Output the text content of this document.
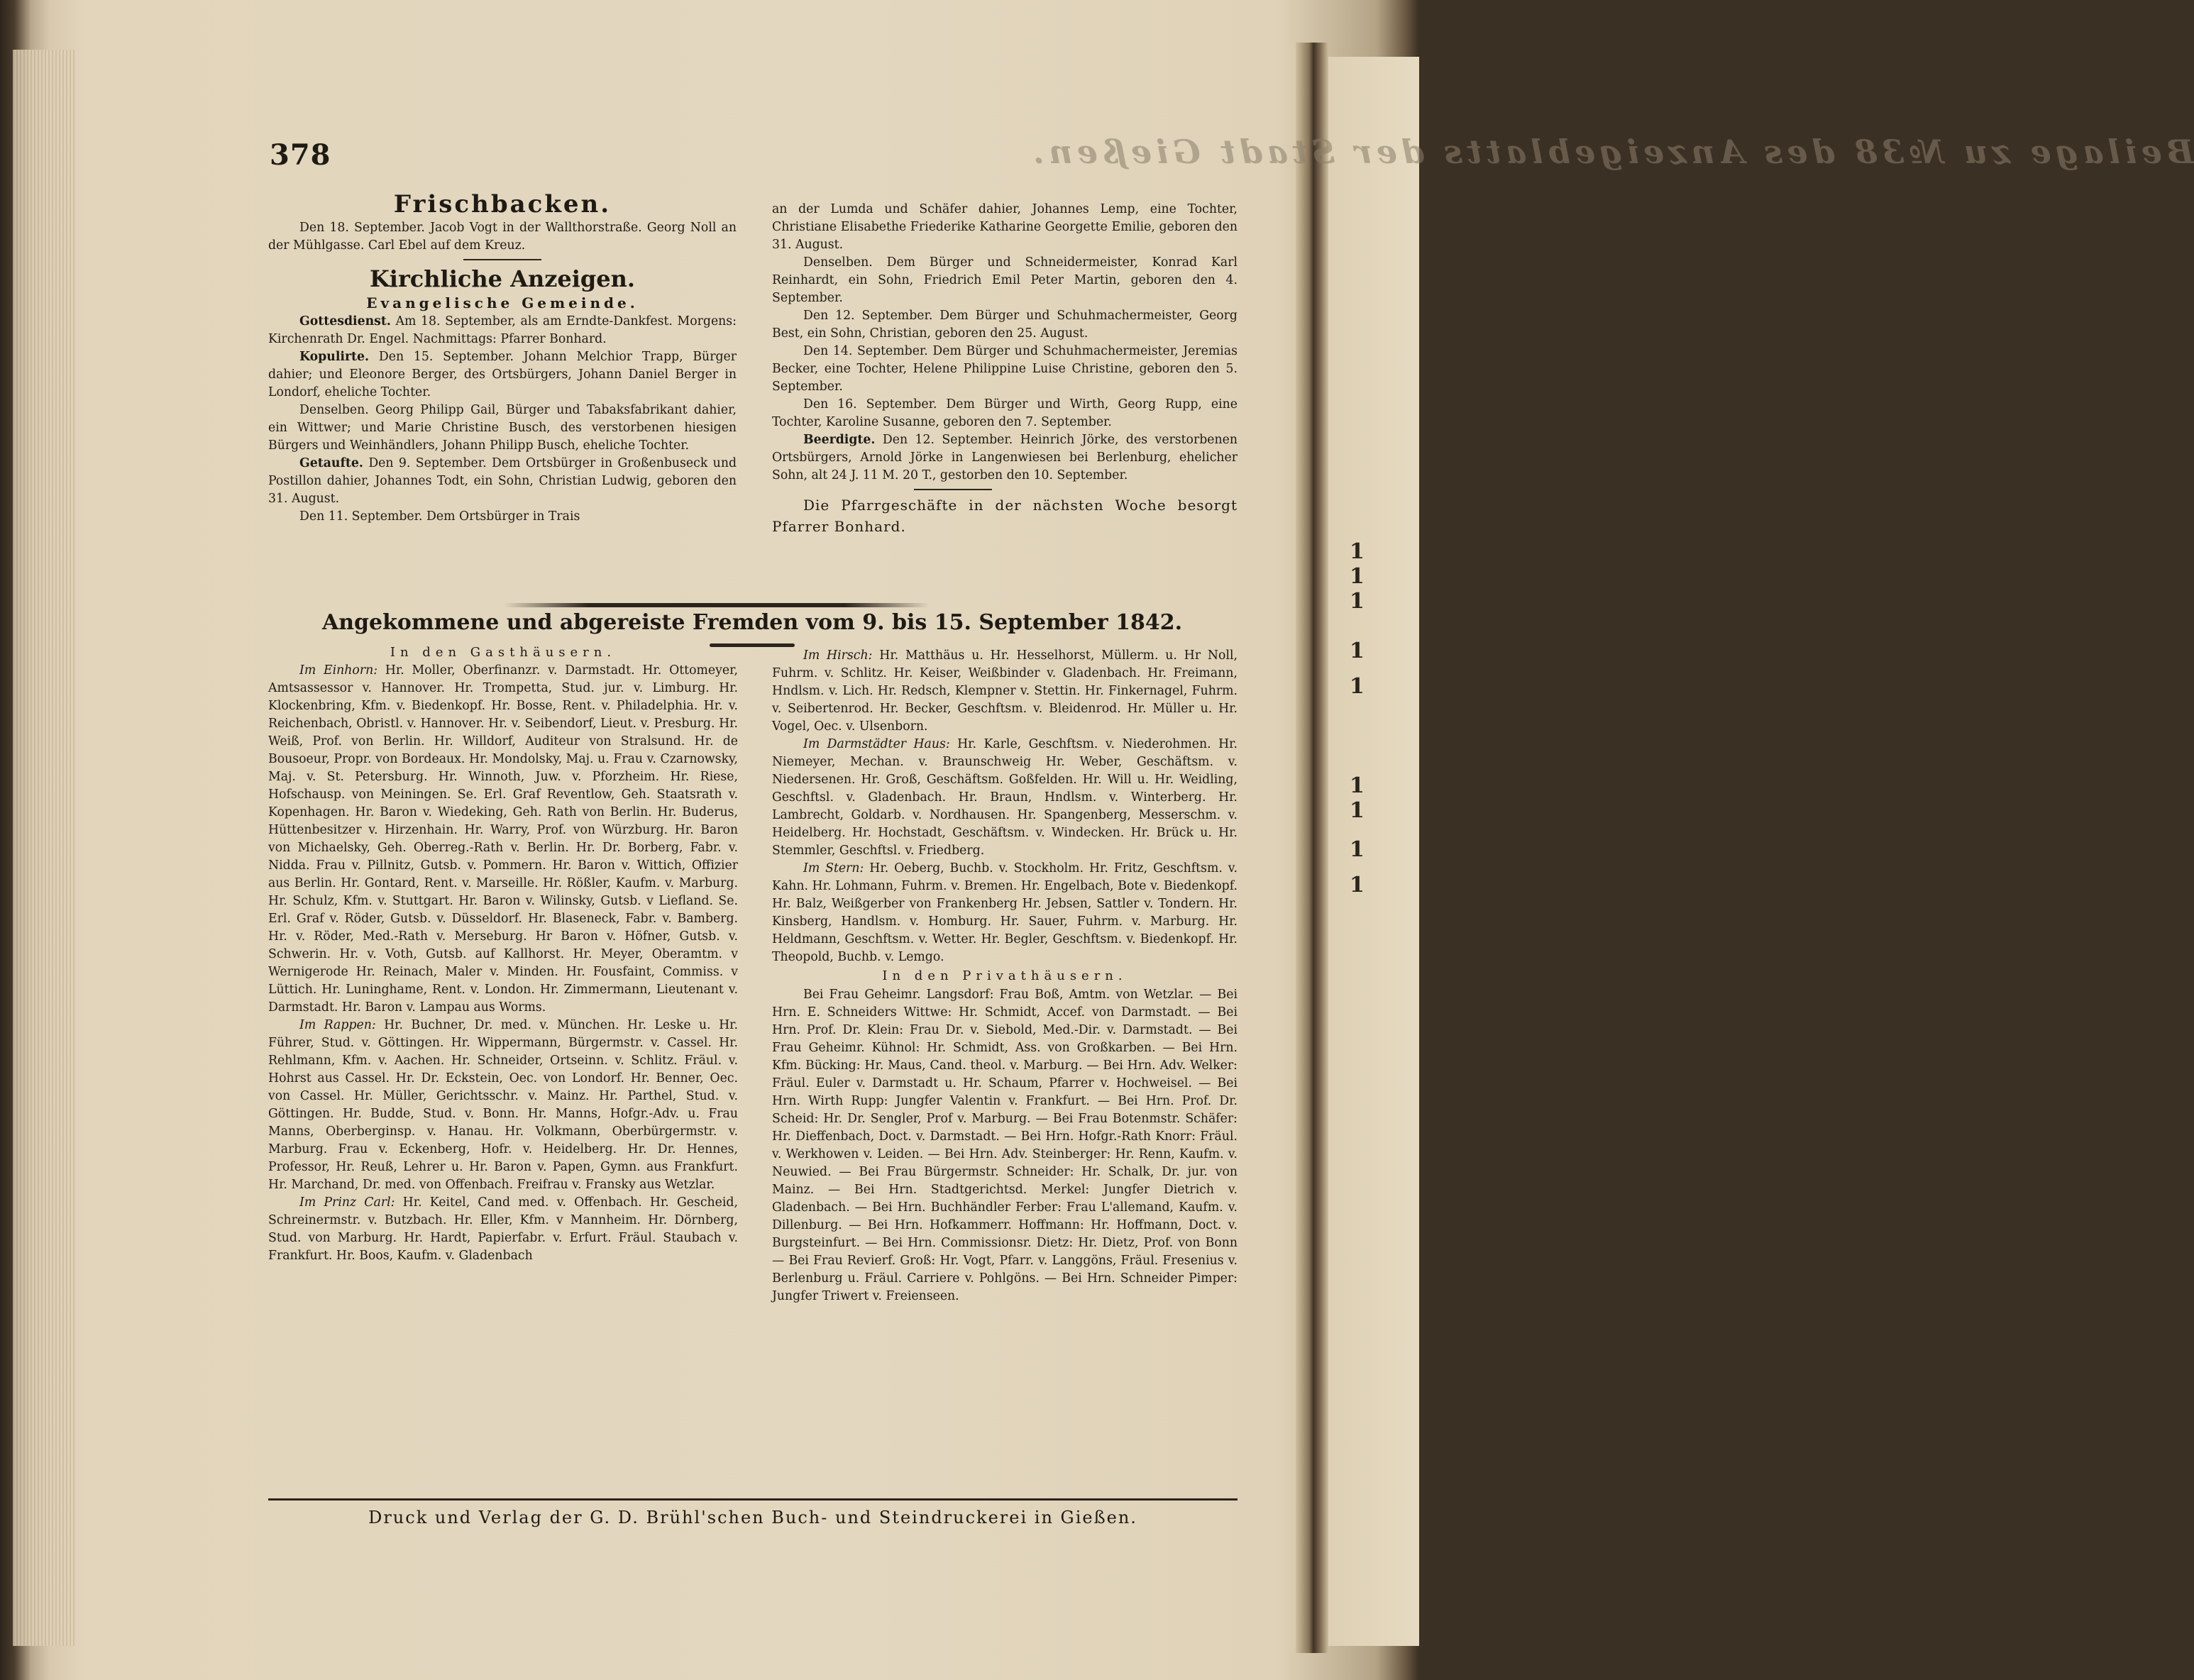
1
1
1
1
1
1
1
1
1
378	Beilage zu №38 des Anzeigeblatts der Stadt Gießen.

Frischbacken.

Den 18. September. Jacob Vogt in der Wallthorstraße. Georg Noll an der Mühlgasse. Carl Ebel auf dem Kreuz.

Kirchliche Anzeigen.

Evangelische Gemeinde.

Gottesdienst. Am 18. September, als am Erndte-Dankfest. Morgens: Kirchenrath Dr. Engel. Nachmittags: Pfarrer Bonhard.

Kopulirte. Den 15. September. Johann Melchior Trapp, Bürger dahier; und Eleonore Berger, des Ortsbürgers, Johann Daniel Berger in Londorf, eheliche Tochter.

Denselben. Georg Philipp Gail, Bürger und Tabaksfabrikant dahier, ein Wittwer; und Marie Christine Busch, des verstorbenen hiesigen Bürgers und Weinhändlers, Johann Philipp Busch, eheliche Tochter.

Getaufte. Den 9. September. Dem Ortsbürger in Großenbuseck und Postillon dahier, Johannes Todt, ein Sohn, Christian Ludwig, geboren den 31. August.

Den 11. September. Dem Ortsbürger in Trais

an der Lumda und Schäfer dahier, Johannes Lemp, eine Tochter, Christiane Elisabethe Friederike Katharine Georgette Emilie, geboren den 31. August.

Denselben. Dem Bürger und Schneidermeister, Konrad Karl Reinhardt, ein Sohn, Friedrich Emil Peter Martin, geboren den 4. September.

Den 12. September. Dem Bürger und Schuhmachermeister, Georg Best, ein Sohn, Christian, geboren den 25. August.

Den 14. September. Dem Bürger und Schuhmachermeister, Jeremias Becker, eine Tochter, Helene Philippine Luise Christine, geboren den 5. September.

Den 16. September. Dem Bürger und Wirth, Georg Rupp, eine Tochter, Karoline Susanne, geboren den 7. September.

Beerdigte. Den 12. September. Heinrich Jörke, des verstorbenen Ortsbürgers, Arnold Jörke in Langenwiesen bei Berlenburg, ehelicher Sohn, alt 24 J. 11 M. 20 T., gestorben den 10. September.

Die Pfarrgeschäfte in der nächsten Woche besorgt Pfarrer Bonhard.

Angekommene und abgereiste Fremden vom 9. bis 15. September 1842.

In den Gasthäusern.

Im Einhorn: Hr. Moller, Oberfinanzr. v. Darmstadt. Hr. Ottomeyer, Amtsassessor v. Hannover. Hr. Trompetta, Stud. jur. v. Limburg. Hr. Klockenbring, Kfm. v. Biedenkopf. Hr. Bosse, Rent. v. Philadelphia. Hr. v. Reichenbach, Obristl. v. Hannover. Hr. v. Seibendorf, Lieut. v. Presburg. Hr. Weiß, Prof. von Berlin. Hr. Willdorf, Auditeur von Stralsund. Hr. de Bousoeur, Propr. von Bordeaux. Hr. Mondolsky, Maj. u. Frau v. Czarnowsky, Maj. v. St. Petersburg. Hr. Winnoth, Juw. v. Pforzheim. Hr. Riese, Hofschausp. von Meiningen. Se. Erl. Graf Reventlow, Geh. Staatsrath v. Kopenhagen. Hr. Baron v. Wiedeking, Geh. Rath von Berlin. Hr. Buderus, Hüttenbesitzer v. Hirzenhain. Hr. Warry, Prof. von Würzburg. Hr. Baron von Michaelsky, Geh. Oberreg.-Rath v. Berlin. Hr. Dr. Borberg, Fabr. v. Nidda. Frau v. Pillnitz, Gutsb. v. Pommern. Hr. Baron v. Wittich, Offizier aus Berlin. Hr. Gontard, Rent. v. Marseille. Hr. Rößler, Kaufm. v. Marburg. Hr. Schulz, Kfm. v. Stuttgart. Hr. Baron v. Wilinsky, Gutsb. v Liefland. Se. Erl. Graf v. Röder, Gutsb. v. Düsseldorf. Hr. Blaseneck, Fabr. v. Bamberg. Hr. v. Röder, Med.-Rath v. Merseburg. Hr Baron v. Höfner, Gutsb. v. Schwerin. Hr. v. Voth, Gutsb. auf Kallhorst. Hr. Meyer, Oberamtm. v Wernigerode Hr. Reinach, Maler v. Minden. Hr. Fousfaint, Commiss. v Lüttich. Hr. Luninghame, Rent. v. London. Hr. Zimmermann, Lieutenant v. Darmstadt. Hr. Baron v. Lampau aus Worms.

Im Rappen: Hr. Buchner, Dr. med. v. München. Hr. Leske u. Hr. Führer, Stud. v. Göttingen. Hr. Wippermann, Bürgermstr. v. Cassel. Hr. Rehlmann, Kfm. v. Aachen. Hr. Schneider, Ortseinn. v. Schlitz. Fräul. v. Hohrst aus Cassel. Hr. Dr. Eckstein, Oec. von Londorf. Hr. Benner, Oec. von Cassel. Hr. Müller, Gerichtsschr. v. Mainz. Hr. Parthel, Stud. v. Göttingen. Hr. Budde, Stud. v. Bonn. Hr. Manns, Hofgr.-Adv. u. Frau Manns, Oberberginsp. v. Hanau. Hr. Volkmann, Oberbürgermstr. v. Marburg. Frau v. Eckenberg, Hofr. v. Heidelberg. Hr. Dr. Hennes, Professor, Hr. Reuß, Lehrer u. Hr. Baron v. Papen, Gymn. aus Frankfurt. Hr. Marchand, Dr. med. von Offenbach. Freifrau v. Fransky aus Wetzlar.

Im Prinz Carl: Hr. Keitel, Cand med. v. Offenbach. Hr. Gescheid, Schreinermstr. v. Butzbach. Hr. Eller, Kfm. v Mannheim. Hr. Dörnberg, Stud. von Marburg. Hr. Hardt, Papierfabr. v. Erfurt. Fräul. Staubach v. Frankfurt. Hr. Boos, Kaufm. v. Gladenbach

Im Hirsch: Hr. Matthäus u. Hr. Hesselhorst, Müllerm. u. Hr Noll, Fuhrm. v. Schlitz. Hr. Keiser, Weißbinder v. Gladenbach. Hr. Freimann, Hndlsm. v. Lich. Hr. Redsch, Klempner v. Stettin. Hr. Finkernagel, Fuhrm. v. Seibertenrod. Hr. Becker, Geschftsm. v. Bleidenrod. Hr. Müller u. Hr. Vogel, Oec. v. Ulsenborn.

Im Darmstädter Haus: Hr. Karle, Geschftsm. v. Niederohmen. Hr. Niemeyer, Mechan. v. Braunschweig Hr. Weber, Geschäftsm. v. Niedersenen. Hr. Groß, Geschäftsm. Goßfelden. Hr. Will u. Hr. Weidling, Geschftsl. v. Gladenbach. Hr. Braun, Hndlsm. v. Winterberg. Hr. Lambrecht, Goldarb. v. Nordhausen. Hr. Spangenberg, Messerschm. v. Heidelberg. Hr. Hochstadt, Geschäftsm. v. Windecken. Hr. Brück u. Hr. Stemmler, Geschftsl. v. Friedberg.

Im Stern: Hr. Oeberg, Buchb. v. Stockholm. Hr. Fritz, Geschftsm. v. Kahn. Hr. Lohmann, Fuhrm. v. Bremen. Hr. Engelbach, Bote v. Biedenkopf. Hr. Balz, Weißgerber von Frankenberg Hr. Jebsen, Sattler v. Tondern. Hr. Kinsberg, Handlsm. v. Homburg. Hr. Sauer, Fuhrm. v. Marburg. Hr. Heldmann, Geschftsm. v. Wetter. Hr. Begler, Geschftsm. v. Biedenkopf. Hr. Theopold, Buchb. v. Lemgo.

In den Privathäusern.

Bei Frau Geheimr. Langsdorf: Frau Boß, Amtm. von Wetzlar. — Bei Hrn. E. Schneiders Wittwe: Hr. Schmidt, Accef. von Darmstadt. — Bei Hrn. Prof. Dr. Klein: Frau Dr. v. Siebold, Med.-Dir. v. Darmstadt. — Bei Frau Geheimr. Kühnol: Hr. Schmidt, Ass. von Großkarben. — Bei Hrn. Kfm. Bücking: Hr. Maus, Cand. theol. v. Marburg. — Bei Hrn. Adv. Welker: Fräul. Euler v. Darmstadt u. Hr. Schaum, Pfarrer v. Hochweisel. — Bei Hrn. Wirth Rupp: Jungfer Valentin v. Frankfurt. — Bei Hrn. Prof. Dr. Scheid: Hr. Dr. Sengler, Prof v. Marburg. — Bei Frau Botenmstr. Schäfer: Hr. Dieffenbach, Doct. v. Darmstadt. — Bei Hrn. Hofgr.-Rath Knorr: Fräul. v. Werkhowen v. Leiden. — Bei Hrn. Adv. Steinberger: Hr. Renn, Kaufm. v. Neuwied. — Bei Frau Bürgermstr. Schneider: Hr. Schalk, Dr. jur. von Mainz. — Bei Hrn. Stadtgerichtsd. Merkel: Jungfer Dietrich v. Gladenbach. — Bei Hrn. Buchhändler Ferber: Frau L'allemand, Kaufm. v. Dillenburg. — Bei Hrn. Hofkammerr. Hoffmann: Hr. Hoffmann, Doct. v. Burgsteinfurt. — Bei Hrn. Commissionsr. Dietz: Hr. Dietz, Prof. von Bonn — Bei Frau Revierf. Groß: Hr. Vogt, Pfarr. v. Langgöns, Fräul. Fresenius v. Berlenburg u. Fräul. Carriere v. Pohlgöns. — Bei Hrn. Schneider Pimper: Jungfer Triwert v. Freienseen.

Druck und Verlag der G. D. Brühl'schen Buch- und Steindruckerei in Gießen.
